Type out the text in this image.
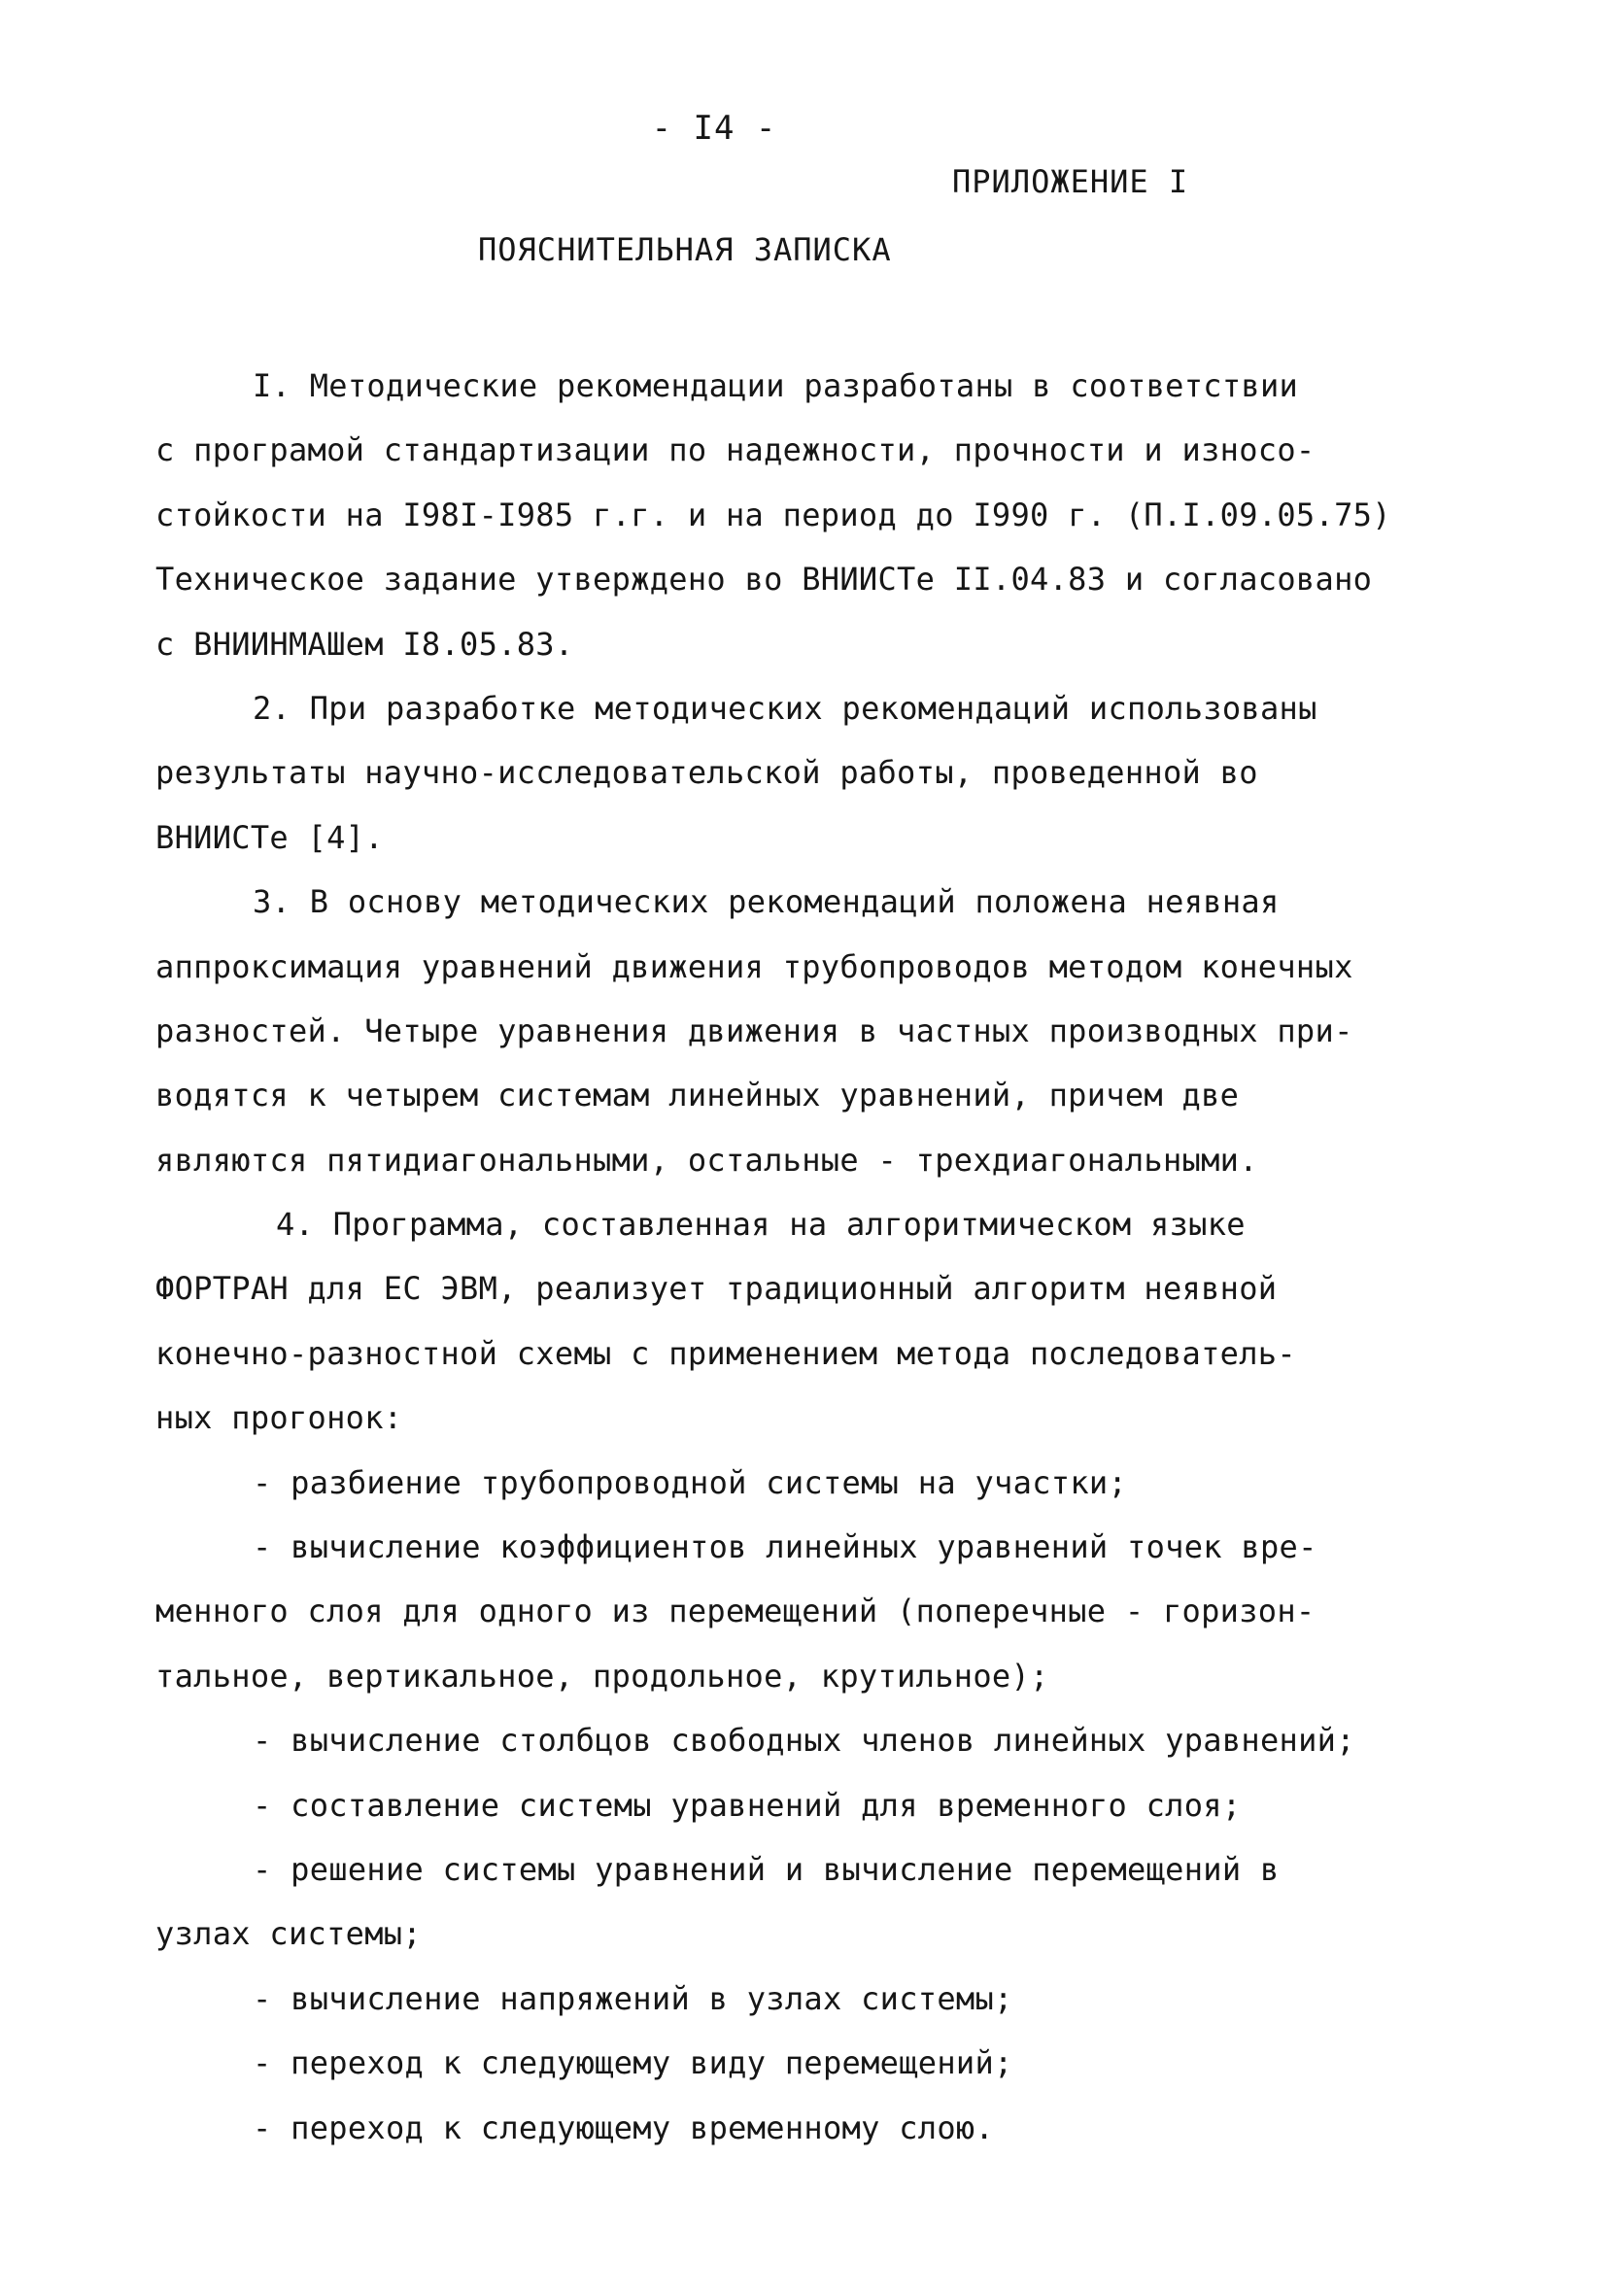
- I4 -
ПРИЛОЖЕНИЕ I
ПОЯСНИТЕЛЬНАЯ ЗАПИСКА
I. Методические рекомендации разработаны в соответствии
с програмой стандартизации по надежности, прочности и износо-
стойкости на I98I-I985 г.г. и на период до I990 г. (П.I.09.05.75)
Техническое задание утверждено во ВНИИСТе II.04.83 и согласовано
с ВНИИНМАШем I8.05.83.
2. При разработке методических рекомендаций использованы
результаты научно-исследовательской работы, проведенной во
ВНИИСТе [4].
3. В основу методических рекомендаций положена неявная
аппроксимация уравнений движения трубопроводов методом конечных
разностей. Четыре уравнения движения в частных производных при-
водятся к четырем системам линейных уравнений, причем две
являются пятидиагональными, остальные - трехдиагональными.
4. Программа, составленная на алгоритмическом языке
ФОРТРАН для ЕС ЭВМ, реализует традиционный алгоритм неявной
конечно-разностной схемы с применением метода последователь-
ных прогонок:
- разбиение трубопроводной системы на участки;
- вычисление коэффициентов линейных уравнений точек вре-
менного слоя для одного из перемещений (поперечные - горизон-
тальное, вертикальное, продольное, крутильное);
- вычисление столбцов свободных членов линейных уравнений;
- составление системы уравнений для временного слоя;
- решение системы уравнений и вычисление перемещений в
узлах системы;
- вычисление напряжений в узлах системы;
- переход к следующему виду перемещений;
- переход к следующему временному слою.
